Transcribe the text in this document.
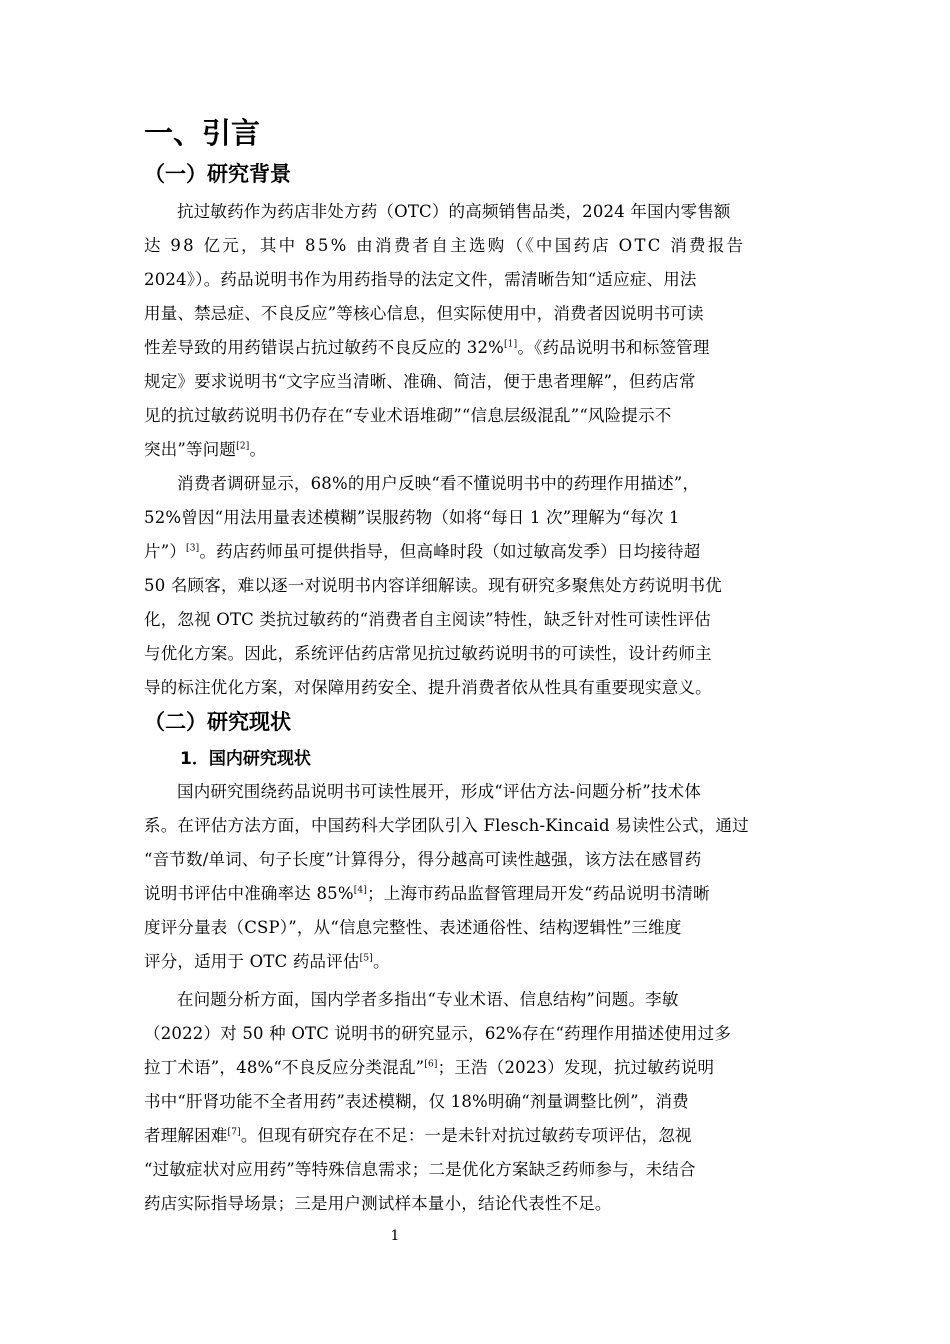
一、引言
（一）研究背景

抗过敏药作为药店非处方药（OTC）的高频销售品类，2024 年国内零售额
达 98 亿元，其中 85% 由消费者自主选购（《中国药店 OTC 消费报告
2024》）。药品说明书作为用药指导的法定文件，需清晰告知“适应症、用法
用量、禁忌症、不良反应”等核心信息，但实际使用中，消费者因说明书可读
性差导致的用药错误占抗过敏药不良反应的 32%[1]。《药品说明书和标签管理
规定》要求说明书“文字应当清晰、准确、简洁，便于患者理解”，但药店常
见的抗过敏药说明书仍存在“专业术语堆砌”“信息层级混乱”“风险提示不
突出”等问题[2]。

消费者调研显示，68%的用户反映“看不懂说明书中的药理作用描述”，
52%曾因“用法用量表述模糊”误服药物（如将“每日 1 次”理解为“每次 1
片”）[3]。药店药师虽可提供指导，但高峰时段（如过敏高发季）日均接待超
50 名顾客，难以逐一对说明书内容详细解读。现有研究多聚焦处方药说明书优
化，忽视 OTC 类抗过敏药的“消费者自主阅读”特性，缺乏针对性可读性评估
与优化方案。因此，系统评估药店常见抗过敏药说明书的可读性，设计药师主
导的标注优化方案，对保障用药安全、提升消费者依从性具有重要现实意义。

（二）研究现状
1．国内研究现状

国内研究围绕药品说明书可读性展开，形成“评估方法-问题分析”技术体
系。在评估方法方面，中国药科大学团队引入 Flesch-Kincaid 易读性公式，通过
“音节数/单词、句子长度”计算得分，得分越高可读性越强，该方法在感冒药
说明书评估中准确率达 85%[4]；上海市药品监督管理局开发“药品说明书清晰
度评分量表（CSP）”，从“信息完整性、表述通俗性、结构逻辑性”三维度
评分，适用于 OTC 药品评估[5]。

在问题分析方面，国内学者多指出“专业术语、信息结构”问题。李敏
（2022）对 50 种 OTC 说明书的研究显示，62%存在“药理作用描述使用过多
拉丁术语”，48%“不良反应分类混乱”[6]；王浩（2023）发现，抗过敏药说明
书中“肝肾功能不全者用药”表述模糊，仅 18%明确“剂量调整比例”，消费
者理解困难[7]。但现有研究存在不足：一是未针对抗过敏药专项评估，忽视
“过敏症状对应用药”等特殊信息需求；二是优化方案缺乏药师参与，未结合
药店实际指导场景；三是用户测试样本量小，结论代表性不足。

1
